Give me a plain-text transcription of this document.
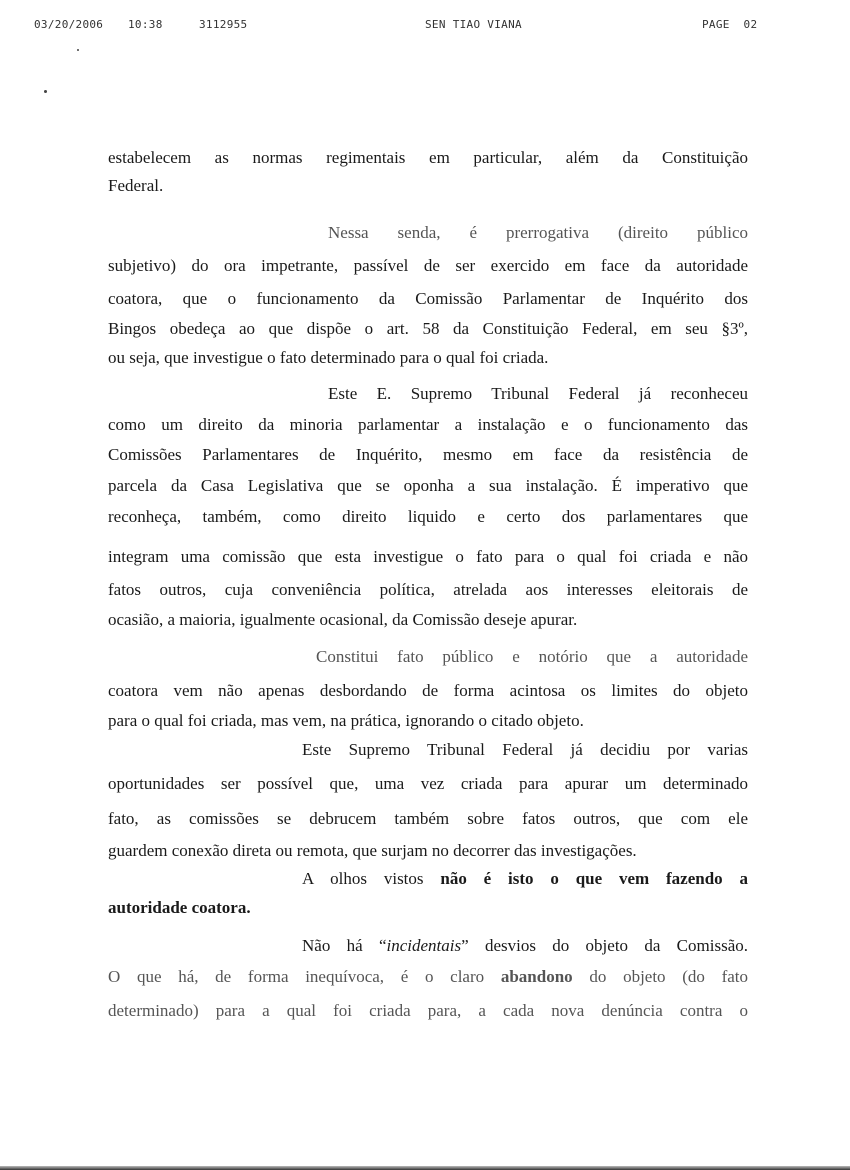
03/20/2006 10:38	3112955	SEN TIAO VIANA	PAGE  02
estabelecem as normas regimentais em particular, além da Constituição
Federal.
Nessa senda, é prerrogativa (direito público
subjetivo) do ora impetrante, passível de ser exercido em face da autoridade
coatora, que o funcionamento da Comissão Parlamentar de Inquérito dos
Bingos obedeça ao que dispõe o art. 58 da Constituição Federal, em seu §3º,
ou seja, que investigue o fato determinado para o qual foi criada.
Este E. Supremo Tribunal Federal já reconheceu
como um direito da minoria parlamentar a instalação e o funcionamento das
Comissões Parlamentares de Inquérito, mesmo em face da resistência de
parcela da Casa Legislativa que se oponha a sua instalação. É imperativo que
reconheça, também, como direito liquido e certo dos parlamentares que
integram uma comissão que esta investigue o fato para o qual foi criada e não
fatos outros, cuja conveniência política, atrelada aos interesses eleitorais de
ocasião, a maioria, igualmente ocasional, da Comissão deseje apurar.
Constitui fato público e notório que a autoridade
coatora vem não apenas desbordando de forma acintosa os limites do objeto
para o qual foi criada, mas vem, na prática, ignorando o citado objeto.
Este Supremo Tribunal Federal já decidiu por varias
oportunidades ser possível que, uma vez criada para apurar um determinado
fato, as comissões se debrucem também sobre fatos outros, que com ele
guardem conexão direta ou remota, que surjam no decorrer das investigações.
A olhos vistos não é isto o que vem fazendo a
autoridade coatora.
Não há “incidentais” desvios do objeto da Comissão.
O que há, de forma inequívoca, é o claro abandono do objeto (do fato
determinado) para a qual foi criada para, a cada nova denúncia contra o
